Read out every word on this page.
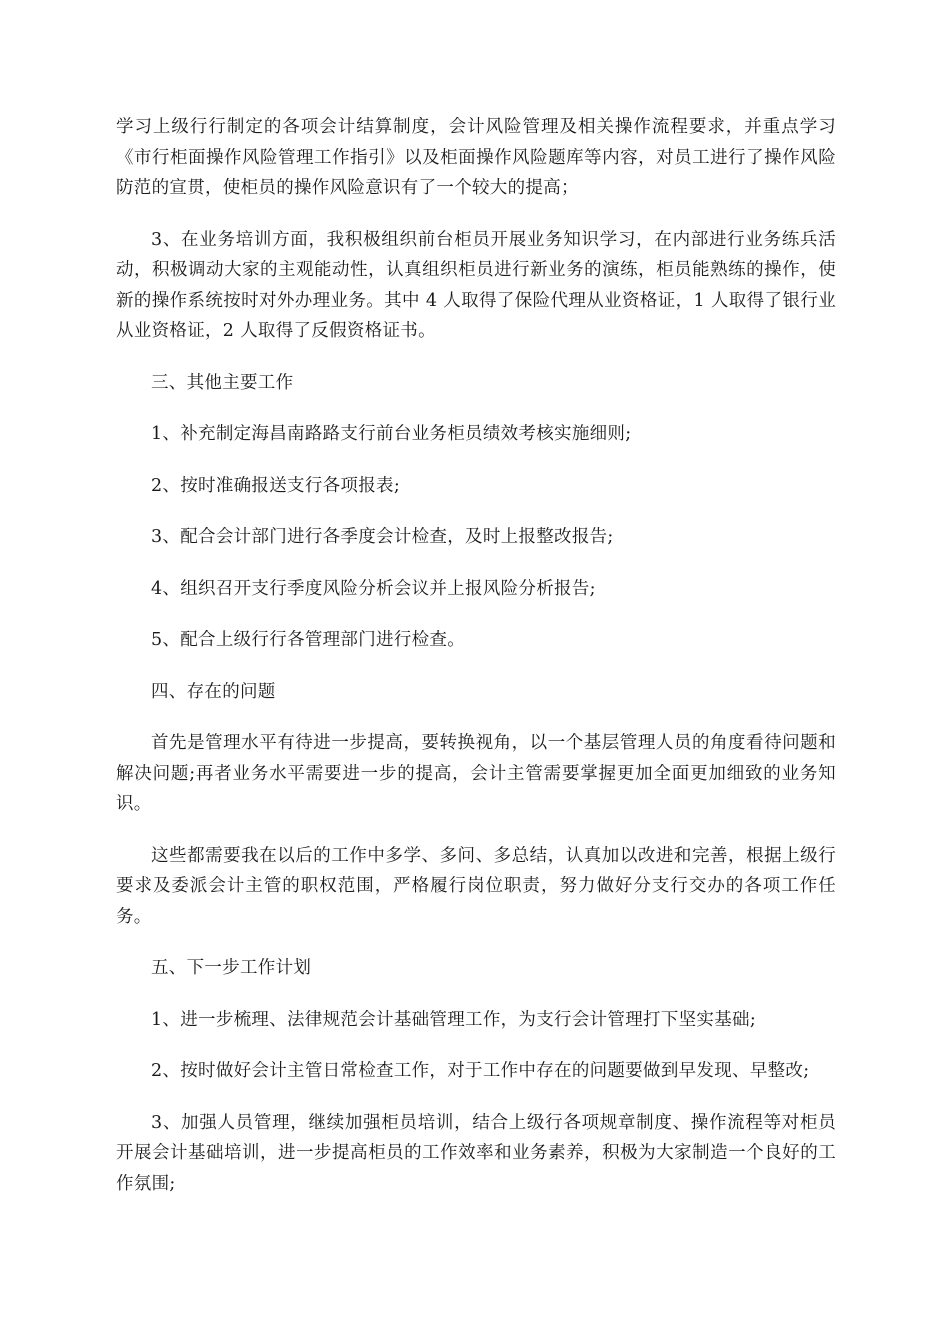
学习上级行行制定的各项会计结算制度，会计风险管理及相关操作流程要求，并重点学习《市行柜面操作风险管理工作指引》以及柜面操作风险题库等内容，对员工进行了操作风险防范的宣贯，使柜员的操作风险意识有了一个较大的提高；

3、在业务培训方面，我积极组织前台柜员开展业务知识学习，在内部进行业务练兵活动，积极调动大家的主观能动性，认真组织柜员进行新业务的演练，柜员能熟练的操作，使新的操作系统按时对外办理业务。其中 4 人取得了保险代理从业资格证，1 人取得了银行业从业资格证，2 人取得了反假资格证书。

三、其他主要工作

1、补充制定海昌南路路支行前台业务柜员绩效考核实施细则;

2、按时准确报送支行各项报表;

3、配合会计部门进行各季度会计检查，及时上报整改报告;

4、组织召开支行季度风险分析会议并上报风险分析报告;

5、配合上级行行各管理部门进行检查。

四、存在的问题

首先是管理水平有待进一步提高，要转换视角，以一个基层管理人员的角度看待问题和解决问题;再者业务水平需要进一步的提高，会计主管需要掌握更加全面更加细致的业务知识。

这些都需要我在以后的工作中多学、多问、多总结，认真加以改进和完善，根据上级行要求及委派会计主管的职权范围，严格履行岗位职责，努力做好分支行交办的各项工作任务。

五、下一步工作计划

1、进一步梳理、法律规范会计基础管理工作，为支行会计管理打下坚实基础;

2、按时做好会计主管日常检查工作，对于工作中存在的问题要做到早发现、早整改;

3、加强人员管理，继续加强柜员培训，结合上级行各项规章制度、操作流程等对柜员开展会计基础培训，进一步提高柜员的工作效率和业务素养，积极为大家制造一个良好的工作氛围;
